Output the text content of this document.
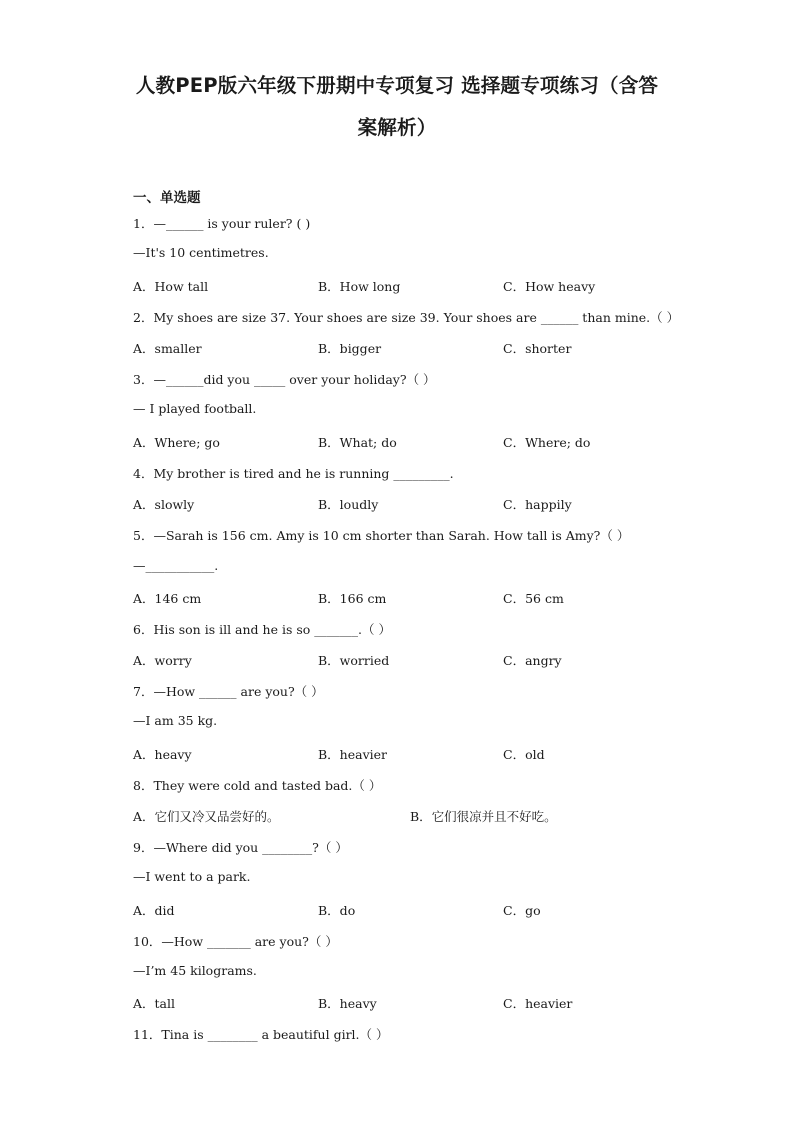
人教PEP版六年级下册期中专项复习 选择题专项练习（含答
案解析）
一、单选题
1．—______ is your ruler? ( )
—It's 10 centimetres.
A．How tall	B．How long	C．How heavy
2．My shoes are size 37. Your shoes are size 39. Your shoes are ______ than mine.（ ）
A．smaller	B．bigger	C．shorter
3．—______did you _____ over your holiday?（ ）
— I played football.
A．Where; go	B．What; do	C．Where; do
4．My brother is tired and he is running _________.
A．slowly	B．loudly	C．happily
5．—Sarah is 156 cm. Amy is 10 cm shorter than Sarah. How tall is Amy?（ ）
—___________.
A．146 cm	B．166 cm	C．56 cm
6．His son is ill and he is so _______.（ ）
A．worry	B．worried	C．angry
7．—How ______ are you?（ ）
—I am 35 kg.
A．heavy	B．heavier	C．old
8．They were cold and tasted bad.（ ）
A．它们又冷又品尝好的。	B．它们很凉并且不好吃。
9．—Where did you ________?（ ）
—I went to a park.
A．did	B．do	C．go
10．—How _______ are you?（ ）
—I’m 45 kilograms.
A．tall	B．heavy	C．heavier
11．Tina is ________ a beautiful girl.（ ）
